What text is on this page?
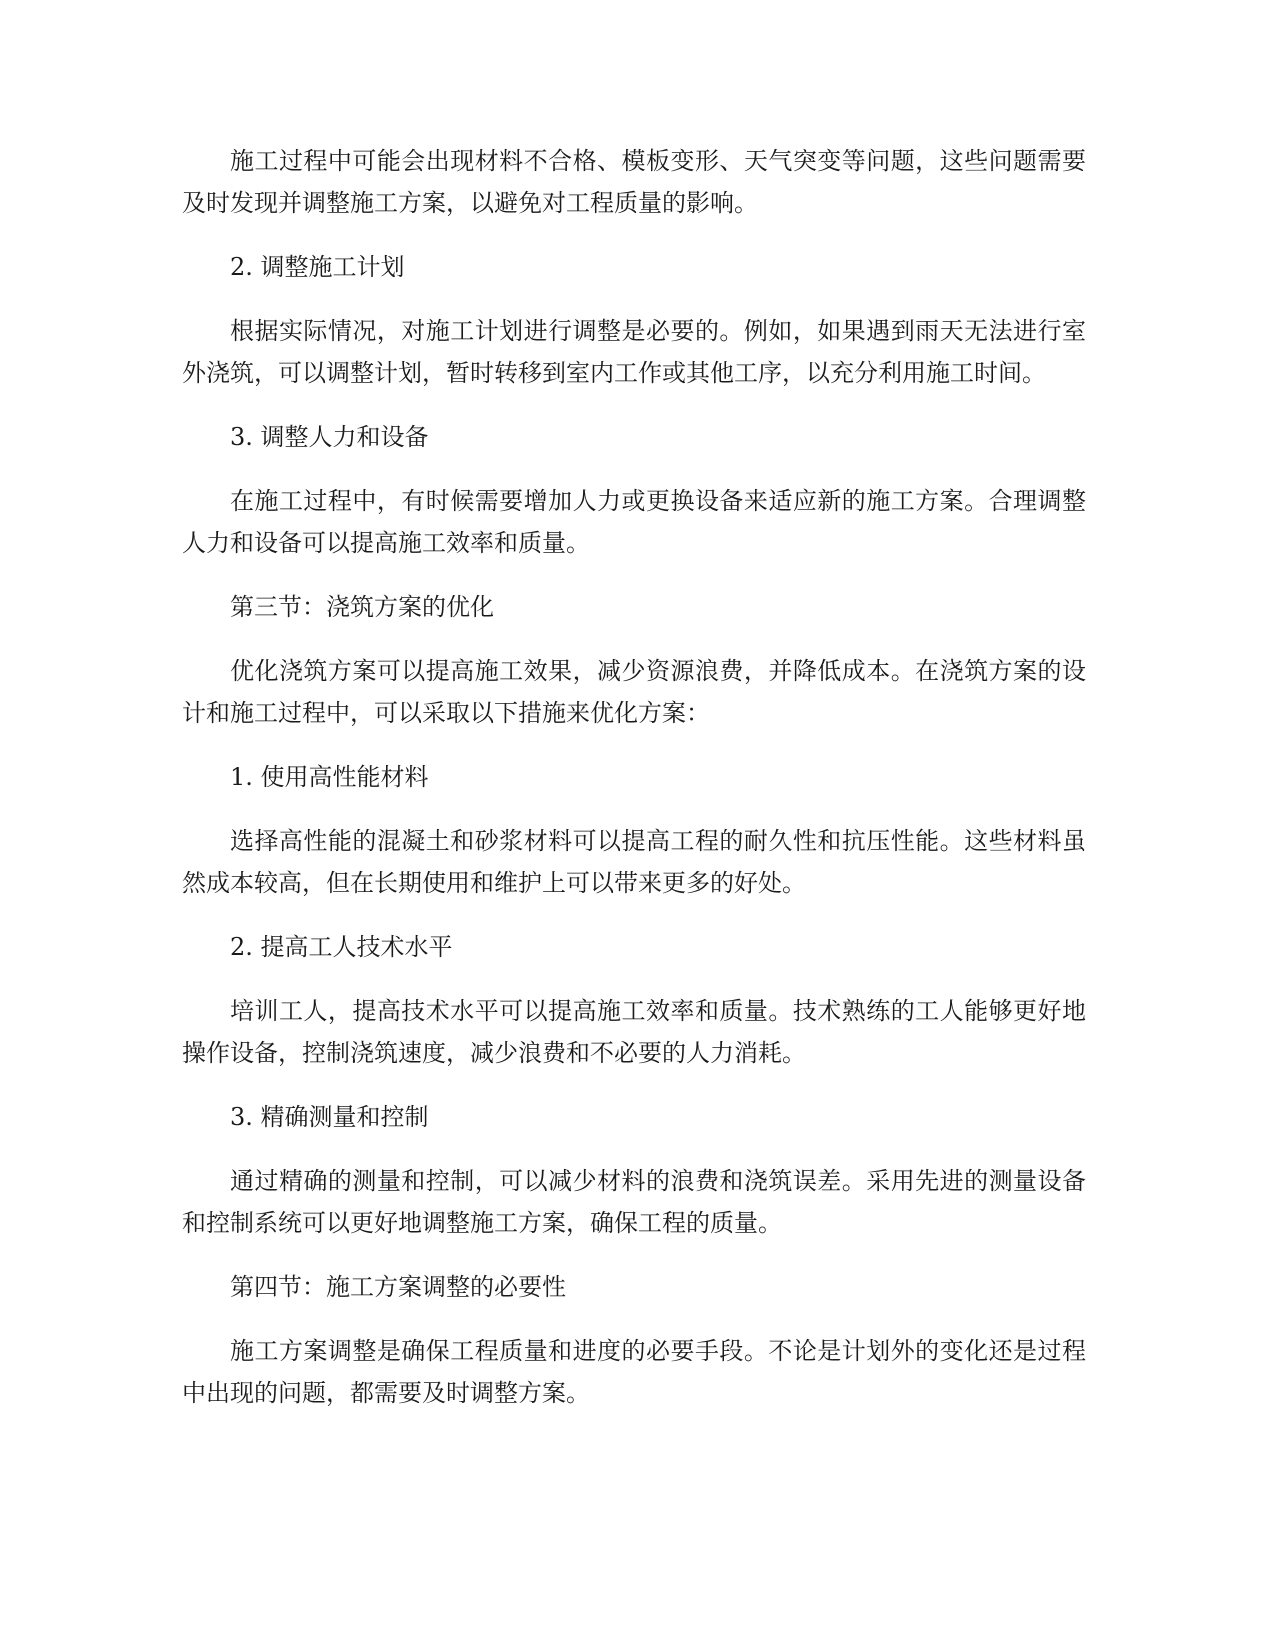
施工过程中可能会出现材料不合格、模板变形、天气突变等问题，这些问题需要及时发现并调整施工方案，以避免对工程质量的影响。

2. 调整施工计划

根据实际情况，对施工计划进行调整是必要的。例如，如果遇到雨天无法进行室外浇筑，可以调整计划，暂时转移到室内工作或其他工序，以充分利用施工时间。

3. 调整人力和设备

在施工过程中，有时候需要增加人力或更换设备来适应新的施工方案。合理调整人力和设备可以提高施工效率和质量。

第三节：浇筑方案的优化

优化浇筑方案可以提高施工效果，减少资源浪费，并降低成本。在浇筑方案的设计和施工过程中，可以采取以下措施来优化方案：

1. 使用高性能材料

选择高性能的混凝土和砂浆材料可以提高工程的耐久性和抗压性能。这些材料虽然成本较高，但在长期使用和维护上可以带来更多的好处。

2. 提高工人技术水平

培训工人，提高技术水平可以提高施工效率和质量。技术熟练的工人能够更好地操作设备，控制浇筑速度，减少浪费和不必要的人力消耗。

3. 精确测量和控制

通过精确的测量和控制，可以减少材料的浪费和浇筑误差。采用先进的测量设备和控制系统可以更好地调整施工方案，确保工程的质量。

第四节：施工方案调整的必要性

施工方案调整是确保工程质量和进度的必要手段。不论是计划外的变化还是过程中出现的问题，都需要及时调整方案。
